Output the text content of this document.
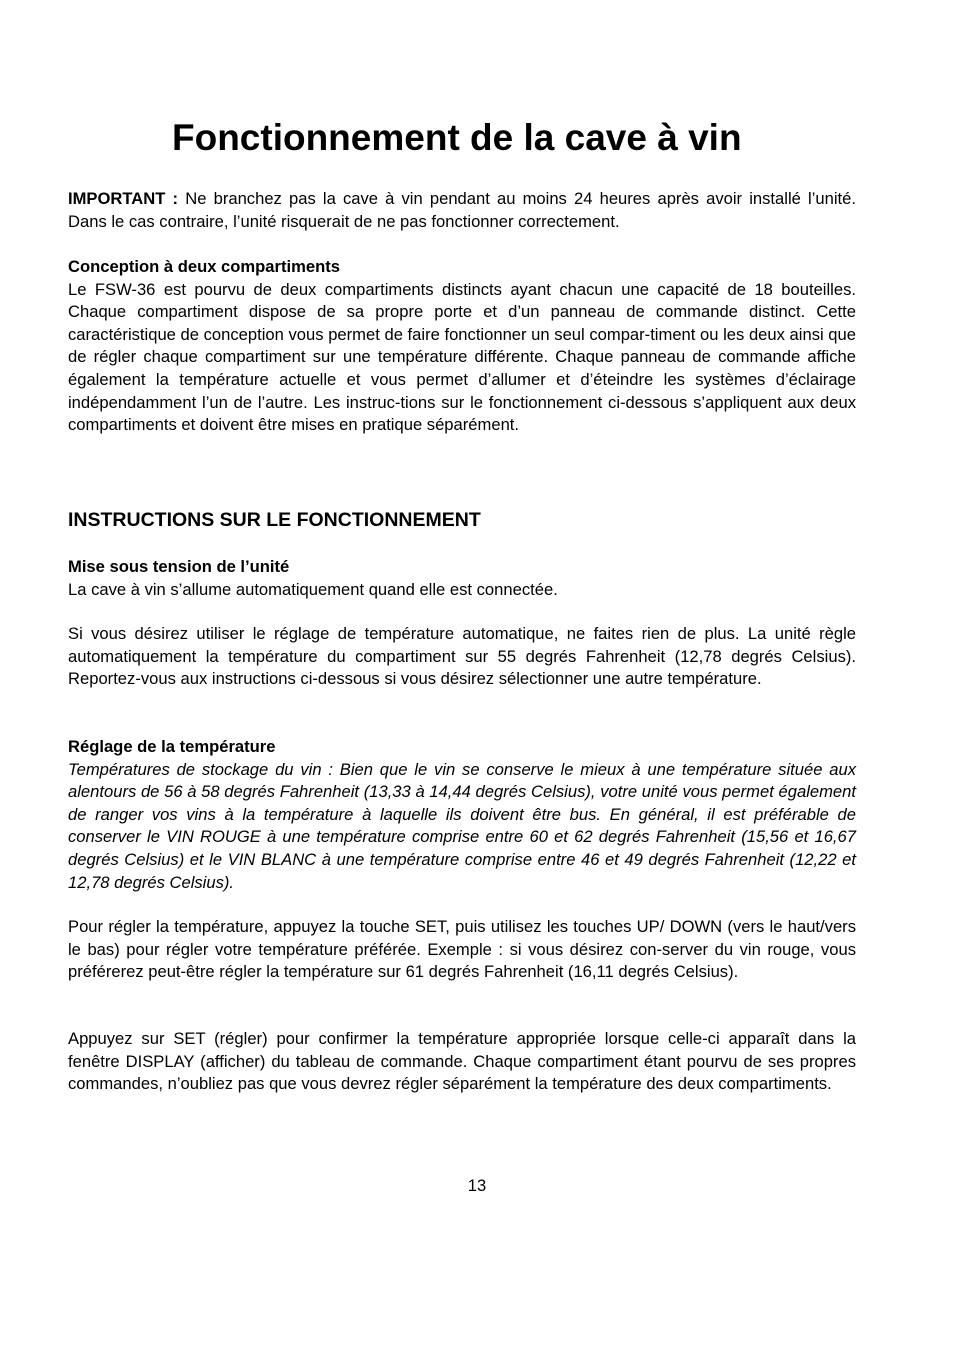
Fonctionnement de la cave à vin

IMPORTANT : Ne branchez pas la cave à vin pendant au moins 24 heures après avoir installé l’unité. Dans le cas contraire, l’unité risquerait de ne pas fonctionner correctement.

Conception à deux compartiments

Le FSW-36 est pourvu de deux compartiments distincts ayant chacun une capacité de 18 bouteilles. Chaque compartiment dispose de sa propre porte et d’un panneau de commande distinct. Cette caractéristique de conception vous permet de faire fonctionner un seul compar-timent ou les deux ainsi que de régler chaque compartiment sur une température différente. Chaque panneau de commande affiche également la température actuelle et vous permet d’allumer et d’éteindre les systèmes d’éclairage indépendamment l’un de l’autre. Les instruc-tions sur le fonctionnement ci-dessous s’appliquent aux deux compartiments et doivent être mises en pratique séparément.

INSTRUCTIONS SUR LE FONCTIONNEMENT
Mise sous tension de l’unité

La cave à vin s’allume automatiquement quand elle est connectée.

Si vous désirez utiliser le réglage de température automatique, ne faites rien de plus. La unité règle automatiquement la température du compartiment sur 55 degrés Fahrenheit (12,78 degrés Celsius). Reportez-vous aux instructions ci-dessous si vous désirez sélectionner une autre température.

Réglage de la température

Températures de stockage du vin : Bien que le vin se conserve le mieux à une température située aux alentours de 56 à 58 degrés Fahrenheit (13,33 à 14,44 degrés Celsius), votre unité vous permet également de ranger vos vins à la température à laquelle ils doivent être bus. En général, il est préférable de conserver le VIN ROUGE à une température comprise entre 60 et 62 degrés Fahrenheit (15,56 et 16,67 degrés Celsius) et le VIN BLANC à une température comprise entre 46 et 49 degrés Fahrenheit (12,22 et 12,78 degrés Celsius).

Pour régler la température, appuyez la touche SET, puis utilisez les touches UP/ DOWN (vers le haut/vers le bas) pour régler votre température préférée. Exemple : si vous désirez con-server du vin rouge, vous préférerez peut-être régler la température sur 61 degrés Fahrenheit (16,11 degrés Celsius).

Appuyez sur SET (régler) pour confirmer la température appropriée lorsque celle-ci apparaît dans la fenêtre DISPLAY (afficher) du tableau de commande. Chaque compartiment étant pourvu de ses propres commandes, n’oubliez pas que vous devrez régler séparément la température des deux compartiments.

13
